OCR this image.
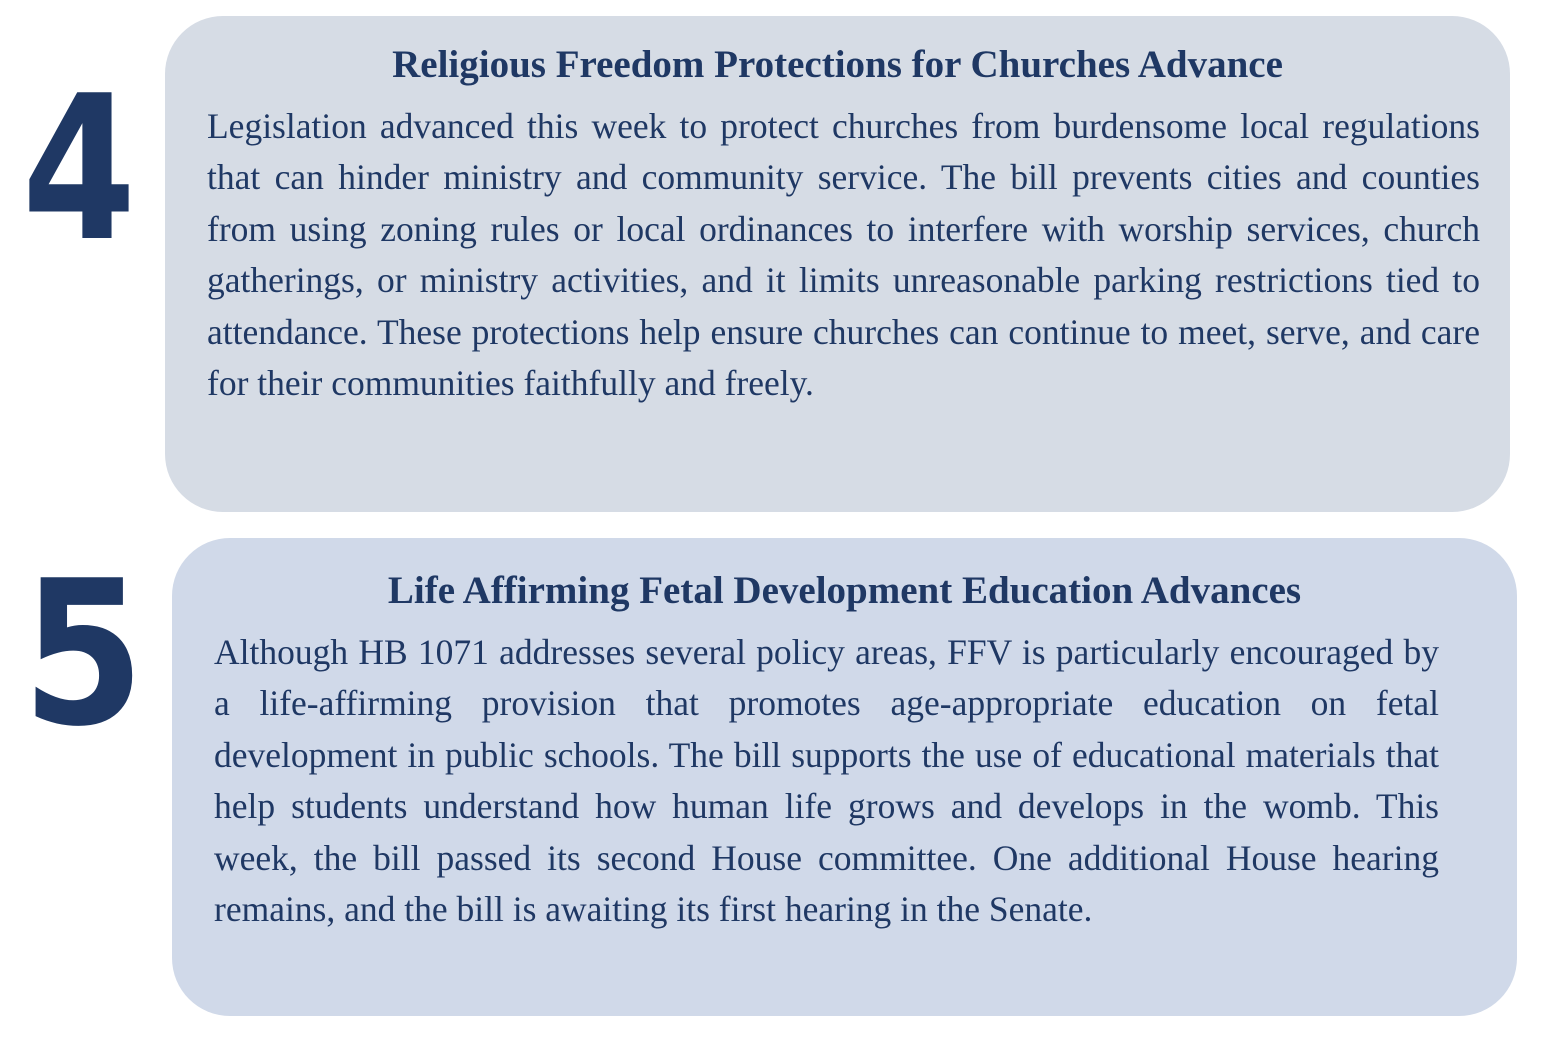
4	Religious Freedom Protections for Churches Advance

Legislation advanced this week to protect churches from burdensome local regulations that can hinder ministry and community service. The bill prevents cities and counties from using zoning rules or local ordinances to interfere with worship services, church gatherings, or ministry activities, and it limits unreasonable parking restrictions tied to attendance. These protections help ensure churches can continue to meet, serve, and care for their communities faithfully and freely.

5	Life Affirming Fetal Development Education Advances

Although HB 1071 addresses several policy areas, FFV is particularly encouraged by a life-affirming provision that promotes age-appropriate education on fetal development in public schools. The bill supports the use of educational materials that help students understand how human life grows and develops in the womb. This week, the bill passed its second House committee. One additional House hearing remains, and the bill is awaiting its first hearing in the Senate.
